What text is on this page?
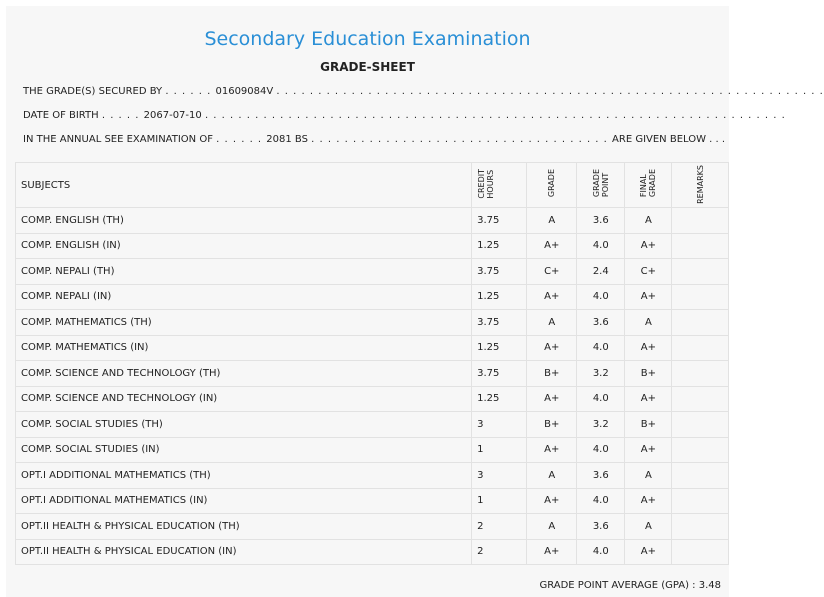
Secondary Education Examination
GRADE-SHEET
THE GRADE(S) SECURED BY . . . . . . 01609084V . . . . . . . . . . . . . . . . . . . . . . . . . . . . . . . . . . . . . . . . . . . . . . . . . . . . . . . . . . . . . . . . . .
DATE OF BIRTH . . . . . 2067-07-10 . . . . . . . . . . . . . . . . . . . . . . . . . . . . . . . . . . . . . . . . . . . . . . . . . . . . . . . . . . . . . . . . . . . . . .
IN THE ANNUAL SEE EXAMINATION OF . . . . . . 2081 BS . . . . . . . . . . . . . . . . . . . . . . . . . . . . . . . . . . . . ARE GIVEN BELOW . . .
SUBJECTS	CREDIT HOURS	GRADE	GRADE POINT	FINAL GRADE	REMARKS

COMP. ENGLISH (TH)	3.75	A	3.6	A	
COMP. ENGLISH (IN)	1.25	A+	4.0	A+	
COMP. NEPALI (TH)	3.75	C+	2.4	C+	
COMP. NEPALI (IN)	1.25	A+	4.0	A+	
COMP. MATHEMATICS (TH)	3.75	A	3.6	A	
COMP. MATHEMATICS (IN)	1.25	A+	4.0	A+	
COMP. SCIENCE AND TECHNOLOGY (TH)	3.75	B+	3.2	B+	
COMP. SCIENCE AND TECHNOLOGY (IN)	1.25	A+	4.0	A+	
COMP. SOCIAL STUDIES (TH)	3	B+	3.2	B+	
COMP. SOCIAL STUDIES (IN)	1	A+	4.0	A+	
OPT.I ADDITIONAL MATHEMATICS (TH)	3	A	3.6	A	
OPT.I ADDITIONAL MATHEMATICS (IN)	1	A+	4.0	A+	
OPT.II HEALTH & PHYSICAL EDUCATION (TH)	2	A	3.6	A	
OPT.II HEALTH & PHYSICAL EDUCATION (IN)	2	A+	4.0	A+	
GRADE POINT AVERAGE (GPA) : 3.48
